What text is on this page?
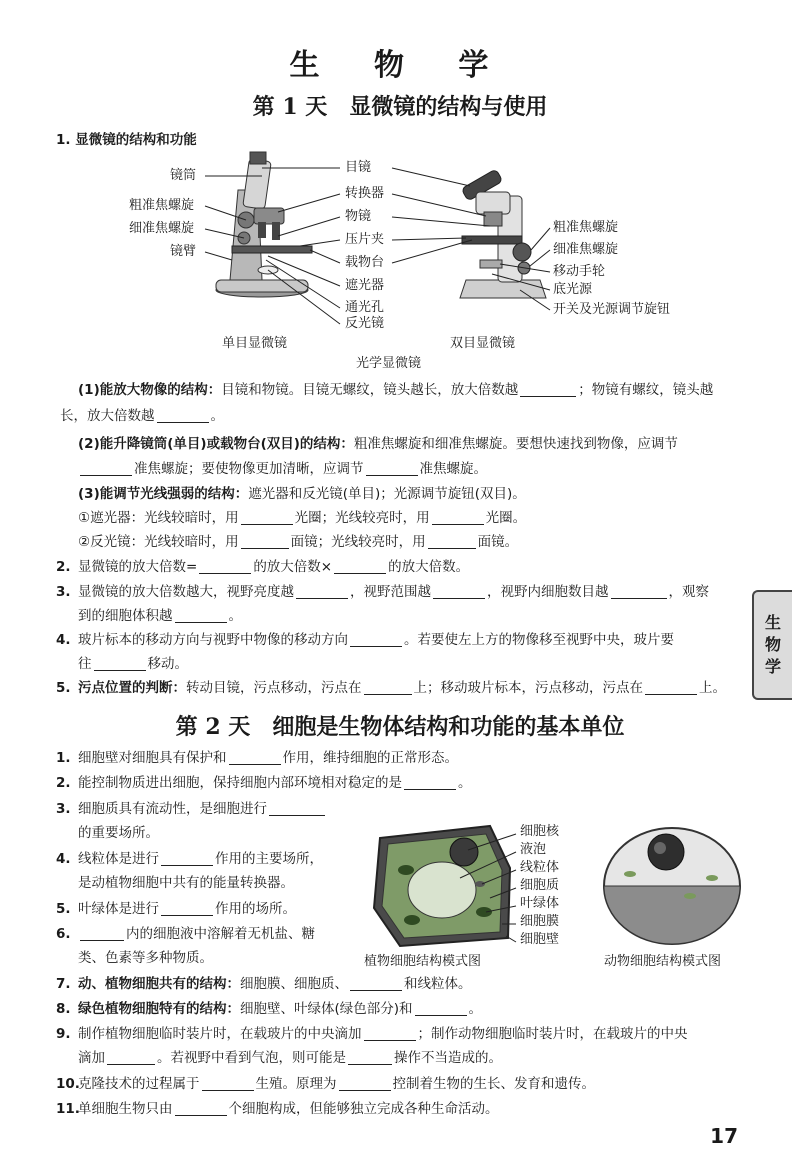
生 物 学
第 1 天 显微镜的结构与使用
1. 显微镜的结构和功能
镜筒
粗准焦螺旋
细准焦螺旋
镜臂
目镜
转换器
物镜
压片夹
载物台
遮光器
通光孔
反光镜
粗准焦螺旋
细准焦螺旋
移动手轮
底光源
开关及光源调节旋钮
单目显微镜	双目显微镜
光学显微镜
(1)能放大物像的结构：目镜和物镜。目镜无螺纹，镜头越长，放大倍数越	；物镜有螺纹，镜头越
长，放大倍数越	。
(2)能升降镜筒(单目)或载物台(双目)的结构：粗准焦螺旋和细准焦螺旋。要想快速找到物像，应调节
准焦螺旋；要使物像更加清晰，应调节	准焦螺旋。
(3)能调节光线强弱的结构：遮光器和反光镜(单目)；光源调节旋钮(双目)。
①遮光器：光线较暗时，用	光圈；光线较亮时，用	光圈。
②反光镜：光线较暗时，用	面镜；光线较亮时，用	面镜。
2. 显微镜的放大倍数=	的放大倍数×	的放大倍数。
3. 显微镜的放大倍数越大，视野亮度越	，视野范围越	，视野内细胞数目越	，观察
到的细胞体积越	。
4. 玻片标本的移动方向与视野中物像的移动方向	。若要使左上方的物像移至视野中央，玻片要
往	移动。
5. 污点位置的判断：转动目镜，污点移动，污点在	上；移动玻片标本，污点移动，污点在	上。
第 2 天 细胞是生物体结构和功能的基本单位
1. 细胞壁对细胞具有保护和	作用，维持细胞的正常形态。
2. 能控制物质进出细胞，保持细胞内部环境相对稳定的是	。
3. 细胞质具有流动性，是细胞进行
的重要场所。
4. 线粒体是进行	作用的主要场所，
是动植物细胞中共有的能量转换器。
5. 叶绿体是进行	作用的场所。
6.	内的细胞液中溶解着无机盐、糖
类、色素等多种物质。
7. 动、植物细胞共有的结构：细胞膜、细胞质、	和线粒体。
8. 绿色植物细胞特有的结构：细胞壁、叶绿体(绿色部分)和	。
9. 制作植物细胞临时装片时，在载玻片的中央滴加	；制作动物细胞临时装片时，在载玻片的中央
滴加	。若视野中看到气泡，则可能是	操作不当造成的。
10.克隆技术的过程属于	生殖。原理为	控制着生物的生长、发育和遗传。
11.单细胞生物只由	个细胞构成，但能够独立完成各种生命活动。
细胞核
液泡
线粒体
细胞质
叶绿体
细胞膜
细胞壁
植物细胞结构模式图	动物细胞结构模式图
生
物
学
17
